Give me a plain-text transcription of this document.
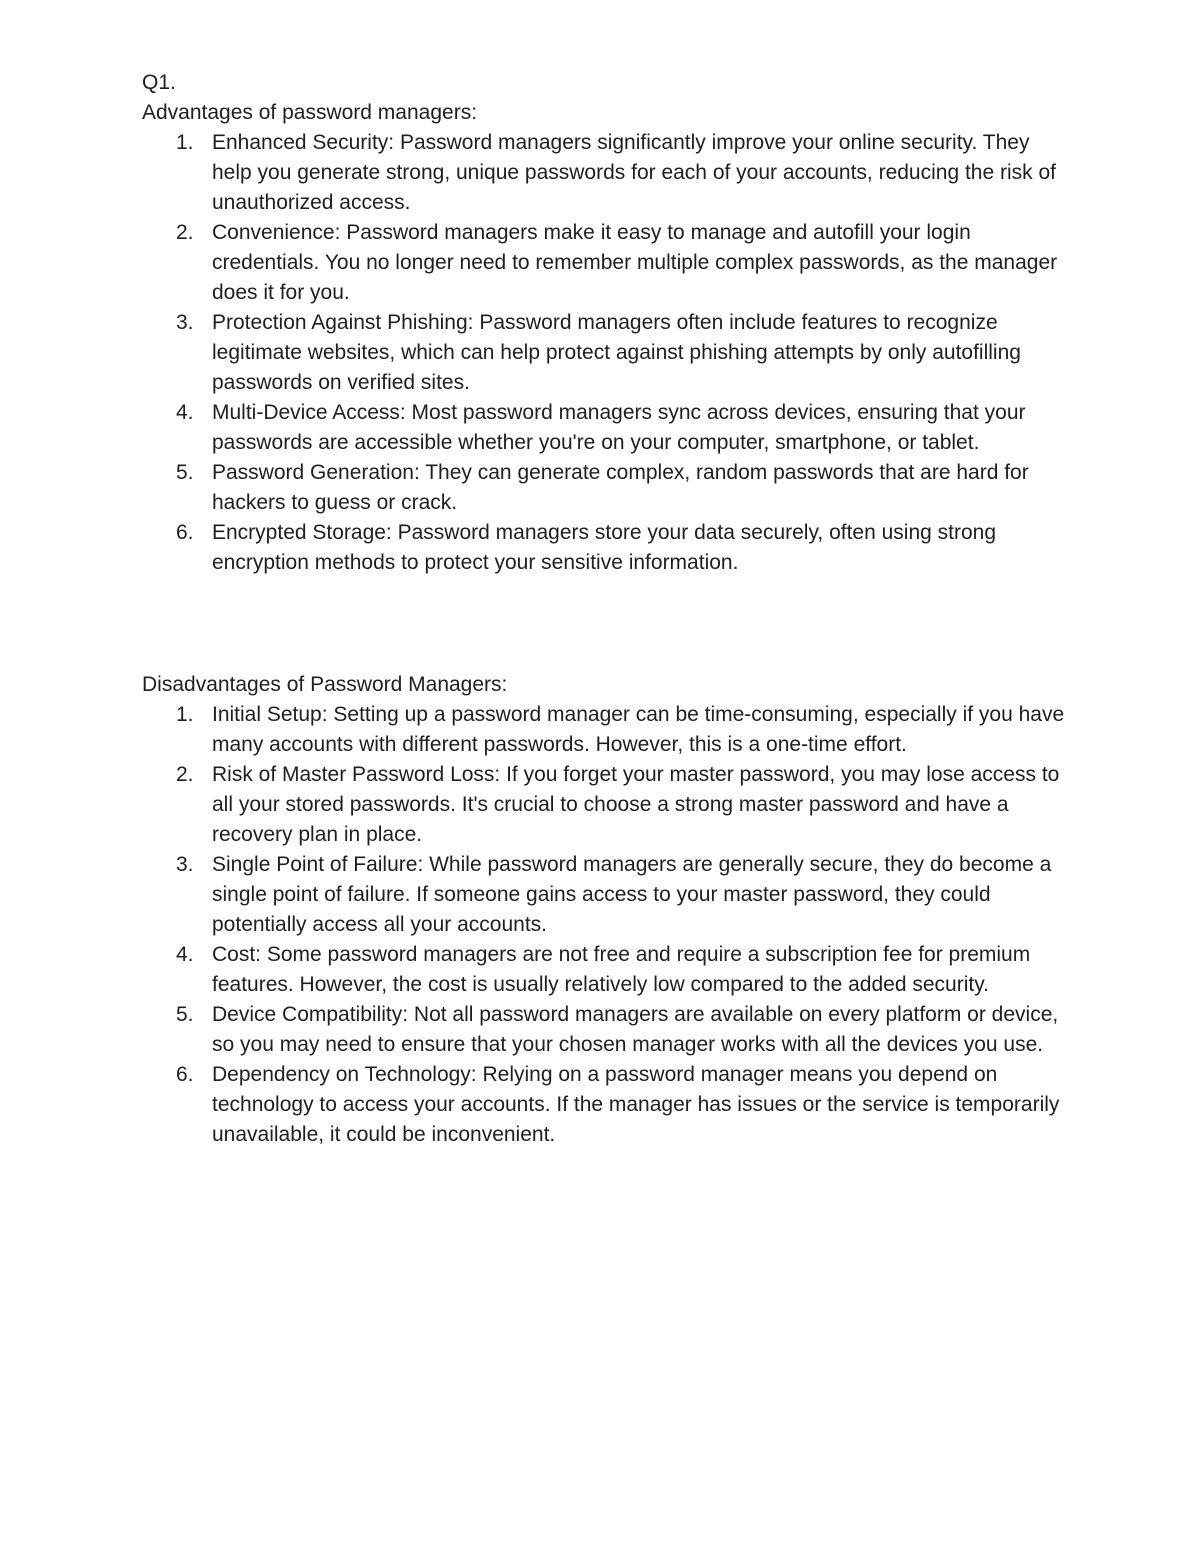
Q1.

Advantages of password managers:

1. Enhanced Security: Password managers significantly improve your online security. They help you generate strong, unique passwords for each of your accounts, reducing the risk of unauthorized access.
2. Convenience: Password managers make it easy to manage and autofill your login credentials. You no longer need to remember multiple complex passwords, as the manager does it for you.
3. Protection Against Phishing: Password managers often include features to recognize legitimate websites, which can help protect against phishing attempts by only autofilling passwords on verified sites.
4. Multi-Device Access: Most password managers sync across devices, ensuring that your passwords are accessible whether you're on your computer, smartphone, or tablet.
5. Password Generation: They can generate complex, random passwords that are hard for hackers to guess or crack.
6. Encrypted Storage: Password managers store your data securely, often using strong encryption methods to protect your sensitive information.

Disadvantages of Password Managers:

1. Initial Setup: Setting up a password manager can be time-consuming, especially if you have many accounts with different passwords. However, this is a one-time effort.
2. Risk of Master Password Loss: If you forget your master password, you may lose access to all your stored passwords. It's crucial to choose a strong master password and have a recovery plan in place.
3. Single Point of Failure: While password managers are generally secure, they do become a single point of failure. If someone gains access to your master password, they could potentially access all your accounts.
4. Cost: Some password managers are not free and require a subscription fee for premium features. However, the cost is usually relatively low compared to the added security.
5. Device Compatibility: Not all password managers are available on every platform or device, so you may need to ensure that your chosen manager works with all the devices you use.
6. Dependency on Technology: Relying on a password manager means you depend on technology to access your accounts. If the manager has issues or the service is temporarily unavailable, it could be inconvenient.
